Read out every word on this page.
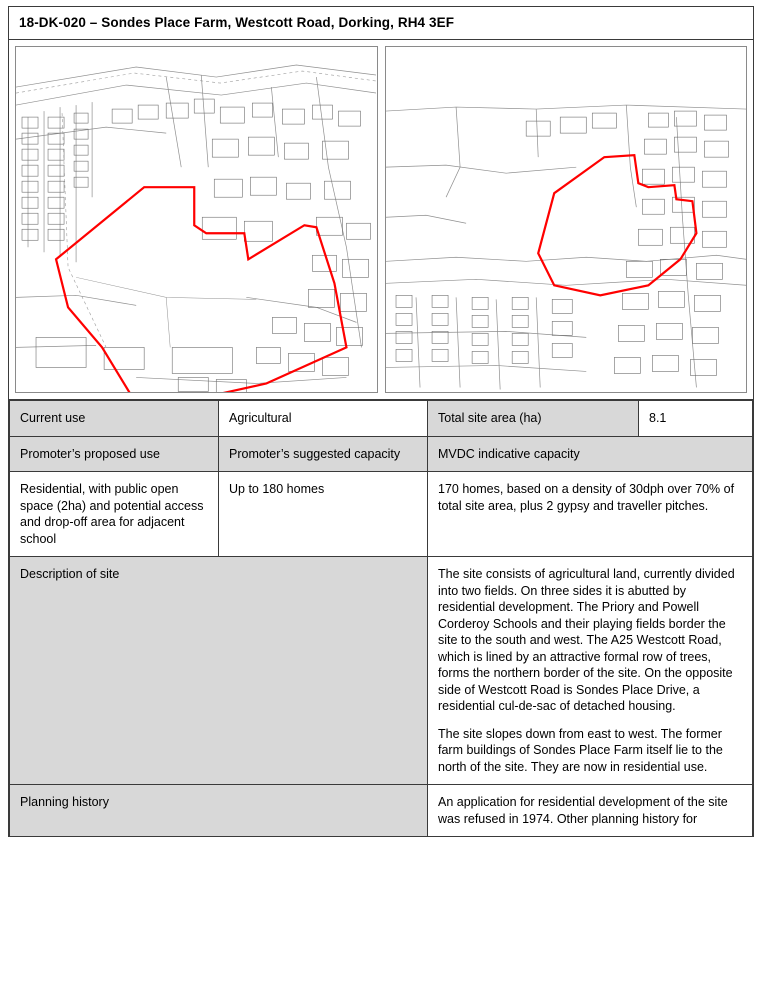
18-DK-020 – Sondes Place Farm, Westcott Road, Dorking, RH4 3EF
Current use	Agricultural	Total site area (ha)	8.1
Promoter’s proposed use	Promoter’s suggested capacity	MVDC indicative capacity	
Residential, with public open space (2ha) and potential access and drop-off area for adjacent school	Up to 180 homes	170 homes, based on a density of 30dph over 70% of total site area, plus 2 gypsy and traveller pitches.	
Description of site		The site consists of agricultural land, currently divided into two fields. On three sides it is abutted by residential development. The Priory and Powell Corderoy Schools and their playing fields border the site to the south and west. The A25 Westcott Road, which is lined by an attractive formal row of trees, forms the northern border of the site. On the opposite side of Westcott Road is Sondes Place Drive, a residential cul-de-sac of detached housing.

The site slopes down from east to west. The former farm buildings of Sondes Place Farm itself lie to the north of the site. They are now in residential use.	

Planning history		An application for residential development of the site was refused in 1974. Other planning history for	
